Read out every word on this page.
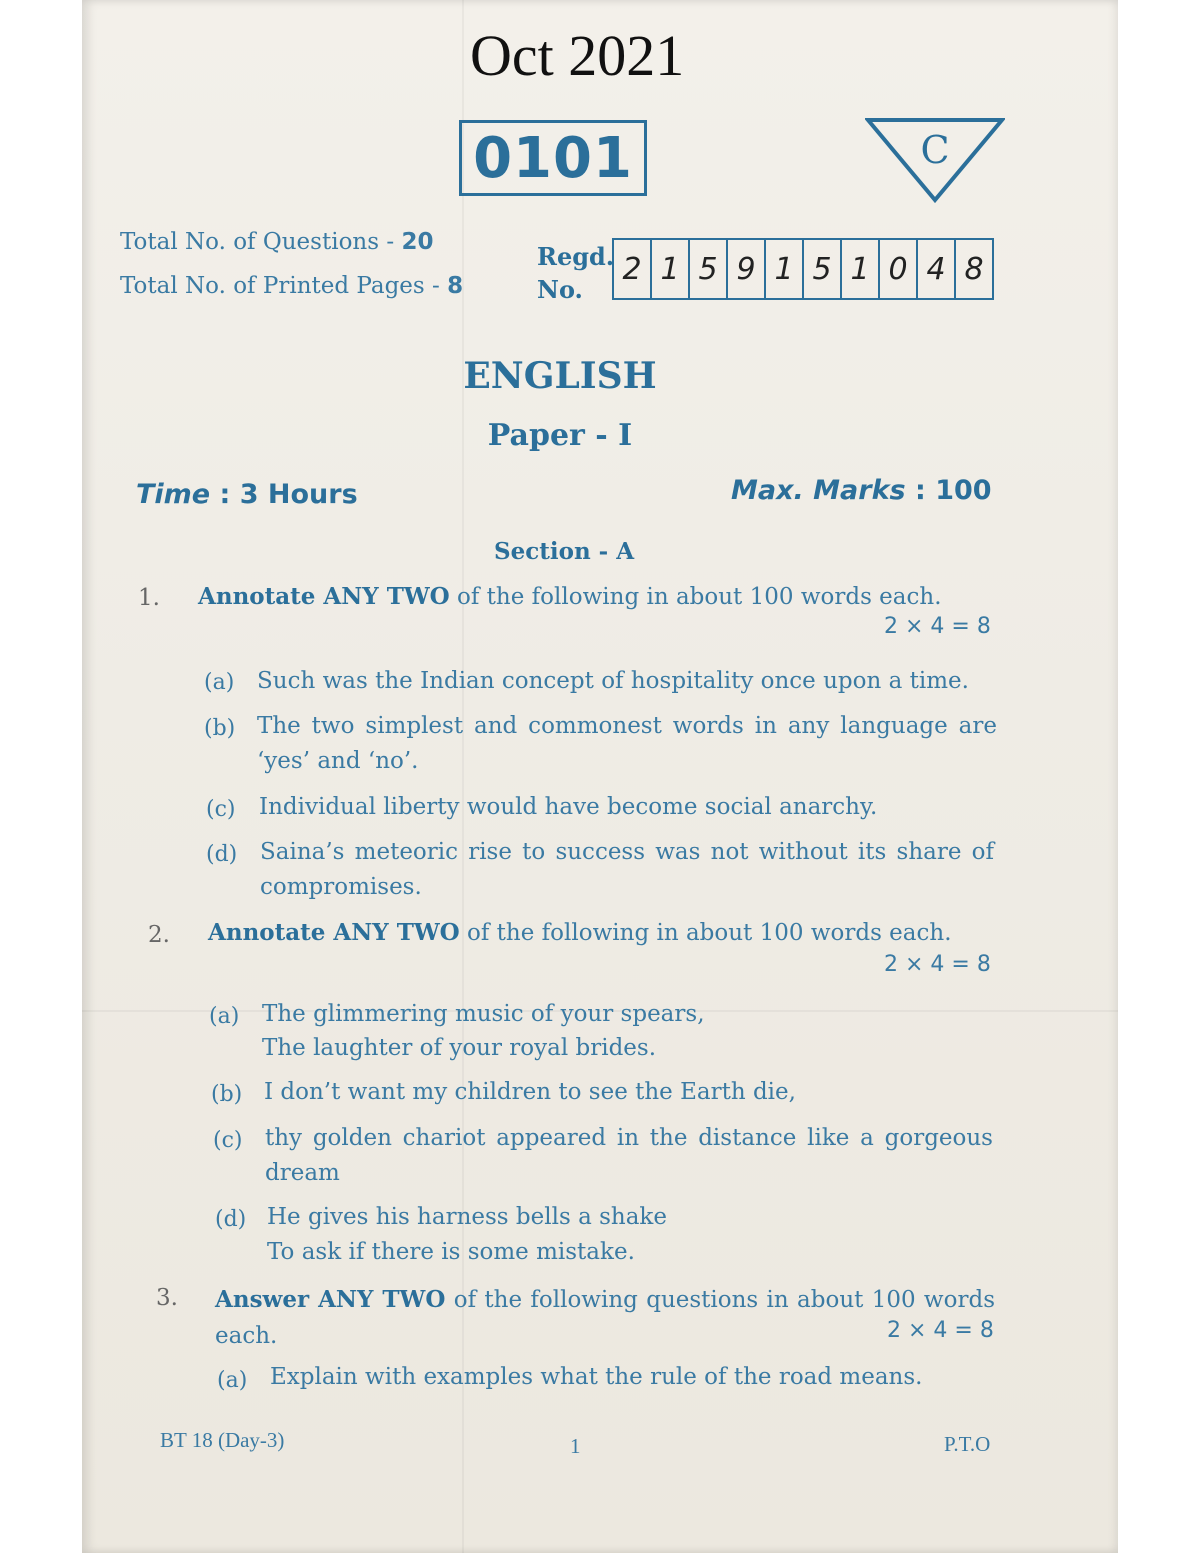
Oct 2021
0101	C
Total No. of Questions - 20
Total No. of Printed Pages - 8
Regd.
No.
2 1 5 9 1 5 1 0 4 8
ENGLISH
Paper - I
Time : 3 Hours	Max. Marks : 100
Section - A
1. Annotate ANY TWO of the following in about 100 words each.
2 × 4 = 8
(a) Such was the Indian concept of hospitality once upon a time.
(b) The two simplest and commonest words in any language are ‘yes’ and ‘no’.
(c) Individual liberty would have become social anarchy.
(d) Saina’s meteoric rise to success was not without its share of compromises.
2. Annotate ANY TWO of the following in about 100 words each.
2 × 4 = 8
(a) The glimmering music of your spears,
The laughter of your royal brides.
(b) I don’t want my children to see the Earth die,
(c) thy golden chariot appeared in the distance like a gorgeous dream
(d) He gives his harness bells a shake
To ask if there is some mistake.
3. Answer ANY TWO of the following questions in about 100 words each.	2 × 4 = 8
(a) Explain with examples what the rule of the road means.
BT 18 (Day-3)	1	P.T.O
